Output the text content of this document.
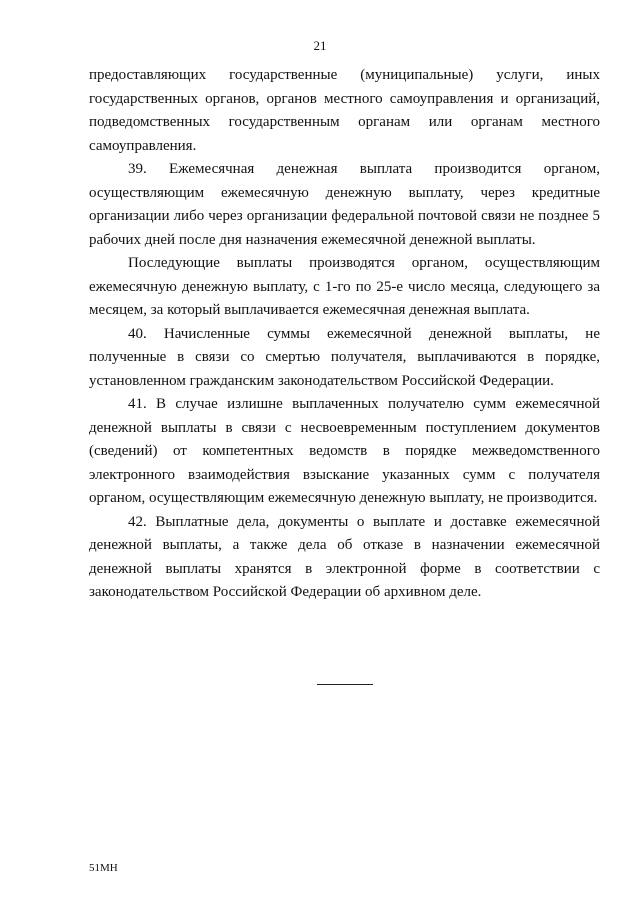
21

предоставляющих государственные (муниципальные) услуги, иных государственных органов, органов местного самоуправления и организаций, подведомственных государственным органам или органам местного самоуправления.

39. Ежемесячная денежная выплата производится органом, осуществляющим ежемесячную денежную выплату, через кредитные организации либо через организации федеральной почтовой связи не позднее 5 рабочих дней после дня назначения ежемесячной денежной выплаты.

Последующие выплаты производятся органом, осуществляющим ежемесячную денежную выплату, с 1-го по 25-е число месяца, следующего за месяцем, за который выплачивается ежемесячная денежная выплата.

40. Начисленные суммы ежемесячной денежной выплаты, не полученные в связи со смертью получателя, выплачиваются в порядке, установленном гражданским законодательством Российской Федерации.

41. В случае излишне выплаченных получателю сумм ежемесячной денежной выплаты в связи с несвоевременным поступлением документов (сведений) от компетентных ведомств в порядке межведомственного электронного взаимодействия взыскание указанных сумм с получателя органом, осуществляющим ежемесячную денежную выплату, не производится.

42. Выплатные дела, документы о выплате и доставке ежемесячной денежной выплаты, а также дела об отказе в назначении ежемесячной денежной выплаты хранятся в электронной форме в соответствии с законодательством Российской Федерации об архивном деле.

51МН
